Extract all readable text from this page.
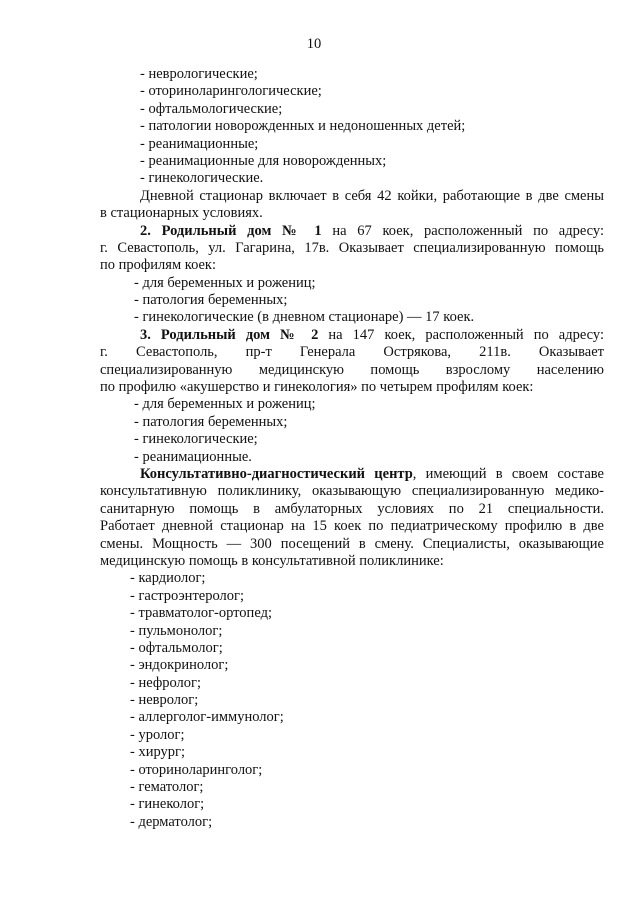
10
- неврологические;
- оториноларингологические;
- офтальмологические;
- патологии новорожденных и недоношенных детей;
- реанимационные;
- реанимационные для новорожденных;
- гинекологические.
Дневной стационар включает в себя 42 койки, работающие в две смены
в стационарных условиях.
2. Родильный дом № 1 на 67 коек, расположенный по адресу:
г. Севастополь, ул. Гагарина, 17в. Оказывает специализированную помощь
по профилям коек:
- для беременных и рожениц;
- патология беременных;
- гинекологические (в дневном стационаре) — 17 коек.
3. Родильный дом № 2 на 147 коек, расположенный по адресу:
г. Севастополь, пр-т Генерала Острякова, 211в. Оказывает
специализированную медицинскую помощь взрослому населению
по профилю «акушерство и гинекология» по четырем профилям коек:
- для беременных и рожениц;
- патология беременных;
- гинекологические;
- реанимационные.
Консультативно-диагностический центр, имеющий в своем составе
консультативную поликлинику, оказывающую специализированную медико-
санитарную помощь в амбулаторных условиях по 21 специальности.
Работает дневной стационар на 15 коек по педиатрическому профилю в две
смены. Мощность — 300 посещений в смену. Специалисты, оказывающие
медицинскую помощь в консультативной поликлинике:
- кардиолог;
- гастроэнтеролог;
- травматолог-ортопед;
- пульмонолог;
- офтальмолог;
- эндокринолог;
- нефролог;
- невролог;
- аллерголог-иммунолог;
- уролог;
- хирург;
- оториноларинголог;
- гематолог;
- гинеколог;
- дерматолог;
